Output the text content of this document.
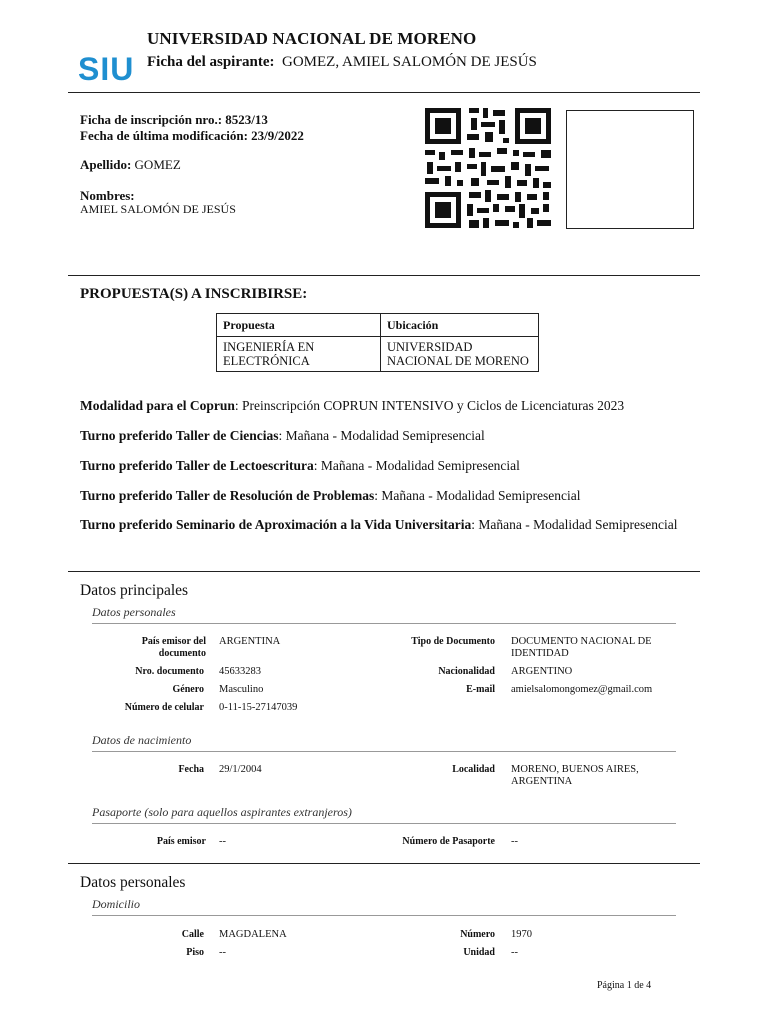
SIU
UNIVERSIDAD NACIONAL DE MORENO
Ficha del aspirante: GOMEZ, AMIEL SALOMÓN DE JESÚS
Ficha de inscripción nro.: 8523/13
Fecha de última modificación: 23/9/2022
Apellido: GOMEZ
Nombres:
AMIEL SALOMÓN DE JESÚS
PROPUESTA(S) A INSCRIBIRSE:
Propuesta	Ubicación
INGENIERÍA EN ELECTRÓNICA	UNIVERSIDAD NACIONAL DE MORENO
Modalidad para el Coprun: Preinscripción COPRUN INTENSIVO y Ciclos de Licenciaturas 2023
Turno preferido Taller de Ciencias: Mañana - Modalidad Semipresencial
Turno preferido Taller de Lectoescritura: Mañana - Modalidad Semipresencial
Turno preferido Taller de Resolución de Problemas: Mañana - Modalidad Semipresencial
Turno preferido Seminario de Aproximación a la Vida Universitaria: Mañana - Modalidad Semipresencial
Datos principales
Datos personales
País emisor del documento
ARGENTINA	Tipo de Documento DOCUMENTO NACIONAL DE IDENTIDAD
Nro. documento 45633283	Nacionalidad ARGENTINO
Género Masculino	E-mail amielsalomongomez@gmail.com
Número de celular 0-11-15-27147039
Datos de nacimiento
Fecha 29/1/2004	Localidad MORENO, BUENOS AIRES, ARGENTINA
Pasaporte (solo para aquellos aspirantes extranjeros)
País emisor --	Número de Pasaporte --
Datos personales
Domicilio
Calle MAGDALENA	Número 1970
Piso --	Unidad --
Página 1 de 4
